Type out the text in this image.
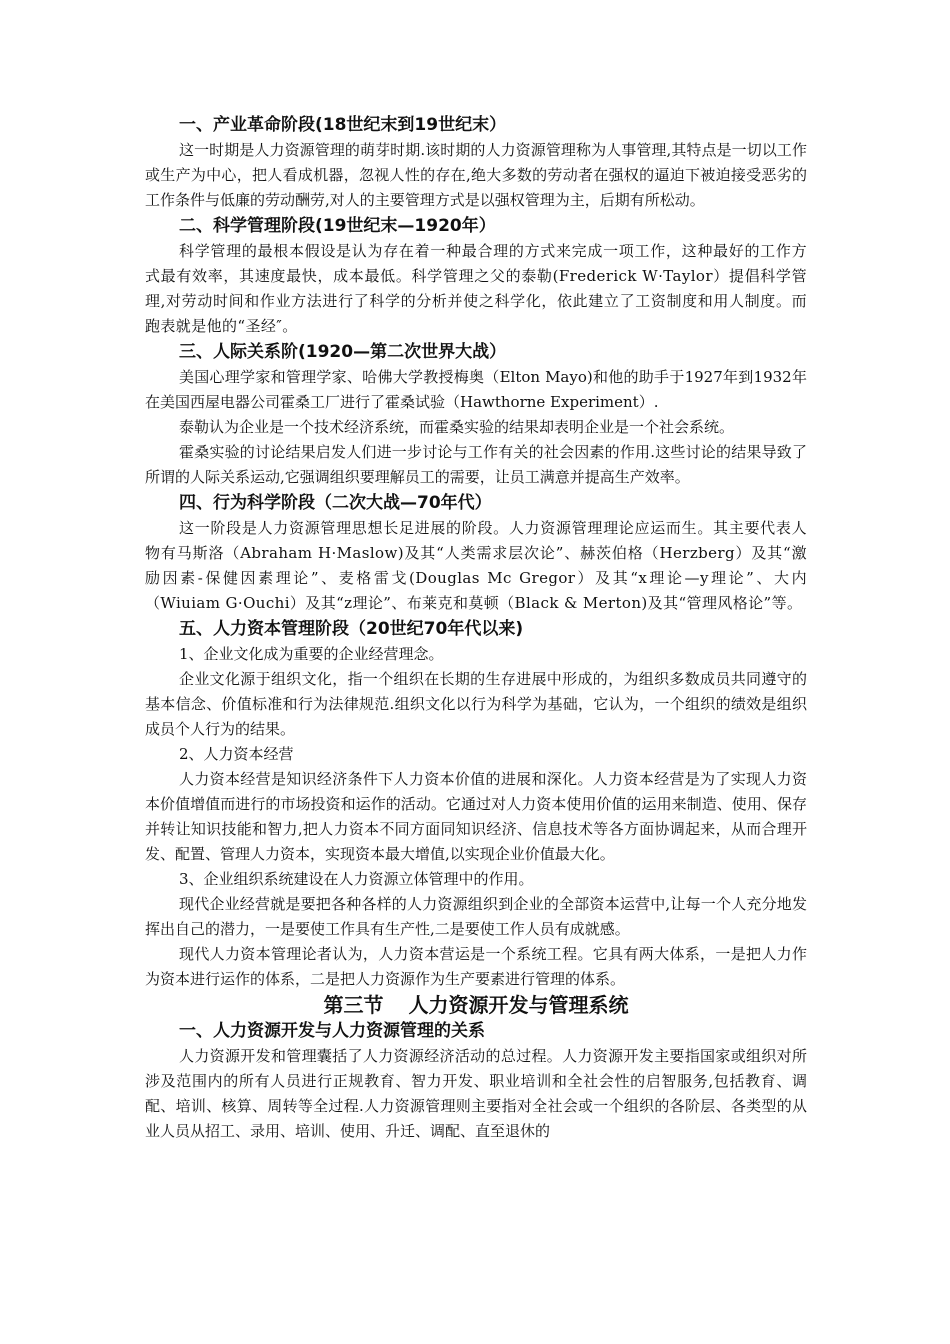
一、产业革命阶段(18世纪末到19世纪末）

这一时期是人力资源管理的萌芽时期.该时期的人力资源管理称为人事管理,其特点是一切以工作或生产为中心，把人看成机器，忽视人性的存在,绝大多数的劳动者在强权的逼迫下被迫接受恶劣的工作条件与低廉的劳动酬劳,对人的主要管理方式是以强权管理为主，后期有所松动。

二、科学管理阶段(19世纪末—1920年）

科学管理的最根本假设是认为存在着一种最合理的方式来完成一项工作，这种最好的工作方式最有效率，其速度最快，成本最低。科学管理之父的泰勒(Frederick W·Taylor）提倡科学管理,对劳动时间和作业方法进行了科学的分析并使之科学化，依此建立了工资制度和用人制度。而跑表就是他的“圣经″。

三、人际关系阶(1920—第二次世界大战）

美国心理学家和管理学家、哈佛大学教授梅奥（Elton Mayo)和他的助手于1927年到1932年在美国西屋电器公司霍桑工厂进行了霍桑试验（Hawthorne Experiment）.

泰勒认为企业是一个技术经济系统，而霍桑实验的结果却表明企业是一个社会系统。

霍桑实验的讨论结果启发人们进一步讨论与工作有关的社会因素的作用.这些讨论的结果导致了所谓的人际关系运动,它强调组织要理解员工的需要，让员工满意并提高生产效率。

四、行为科学阶段（二次大战—70年代）

这一阶段是人力资源管理思想长足进展的阶段。人力资源管理理论应运而生。其主要代表人物有马斯洛（Abraham H·Maslow)及其“人类需求层次论”、赫茨伯格（Herzberg）及其“激励因素-保健因素理论”、麦格雷戈(Douglas Mc Gregor）及其“x理论—y理论”、大内（Wiuiam G·Ouchi）及其“z理论”、布莱克和莫顿（Black & Merton)及其“管理风格论”等。

五、人力资本管理阶段（20世纪70年代以来)

1、企业文化成为重要的企业经营理念。

企业文化源于组织文化，指一个组织在长期的生存进展中形成的，为组织多数成员共同遵守的基本信念、价值标准和行为法律规范.组织文化以行为科学为基础，它认为，一个组织的绩效是组织成员个人行为的结果。

2、人力资本经营

人力资本经营是知识经济条件下人力资本价值的进展和深化。人力资本经营是为了实现人力资本价值增值而进行的市场投资和运作的活动。它通过对人力资本使用价值的运用来制造、使用、保存并转让知识技能和智力,把人力资本不同方面同知识经济、信息技术等各方面协调起来，从而合理开发、配置、管理人力资本，实现资本最大增值,以实现企业价值最大化。

3、企业组织系统建设在人力资源立体管理中的作用。

现代企业经营就是要把各种各样的人力资源组织到企业的全部资本运营中,让每一个人充分地发挥出自己的潜力，一是要使工作具有生产性,二是要使工作人员有成就感。

现代人力资本管理论者认为，人力资本营运是一个系统工程。它具有两大体系，一是把人力作为资本进行运作的体系，二是把人力资源作为生产要素进行管理的体系。

第三节 人力资源开发与管理系统

一、人力资源开发与人力资源管理的关系

人力资源开发和管理囊括了人力资源经济活动的总过程。人力资源开发主要指国家或组织对所涉及范围内的所有人员进行正规教育、智力开发、职业培训和全社会性的启智服务,包括教育、调配、培训、核算、周转等全过程.人力资源管理则主要指对全社会或一个组织的各阶层、各类型的从业人员从招工、录用、培训、使用、升迁、调配、直至退休的
